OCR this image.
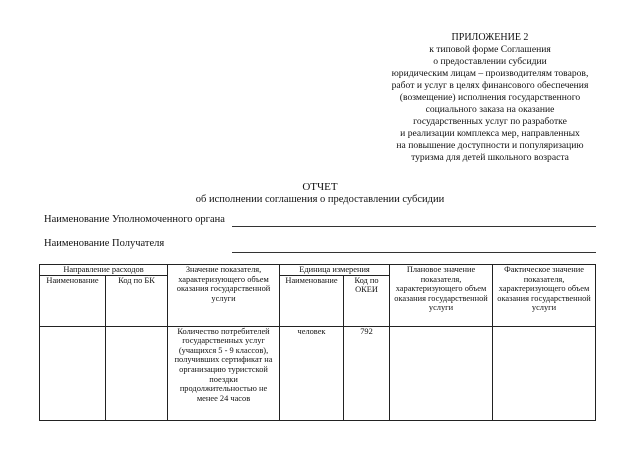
ПРИЛОЖЕНИЕ 2
к типовой форме Соглашения
о предоставлении субсидии
юридическим лицам – производителям товаров,
работ и услуг в целях финансового обеспечения
(возмещение) исполнения государственного
социального заказа на оказание
государственных услуг по разработке
и реализации комплекса мер, направленных
на повышение доступности и популяризацию
туризма для детей школьного возраста
ОТЧЕТ
об исполнении соглашения о предоставлении субсидии
Наименование Уполномоченного органа
Наименование Получателя
Направление расходов		Значение показателя, характеризующего объем оказания государственной услуги	Единица измерения		Плановое значение показателя, характеризующего объем оказания государственной услуги	Фактическое значение показателя, характеризующего объем оказания государственной услуги
Наименование	Код по БК		Наименование	Код по ОКЕИ		
		Количество потребителей государственных услуг (учащихся 5 - 9 классов), получивших сертификат на организацию туристской поездки продолжительностью не менее 24 часов	человек	792		
